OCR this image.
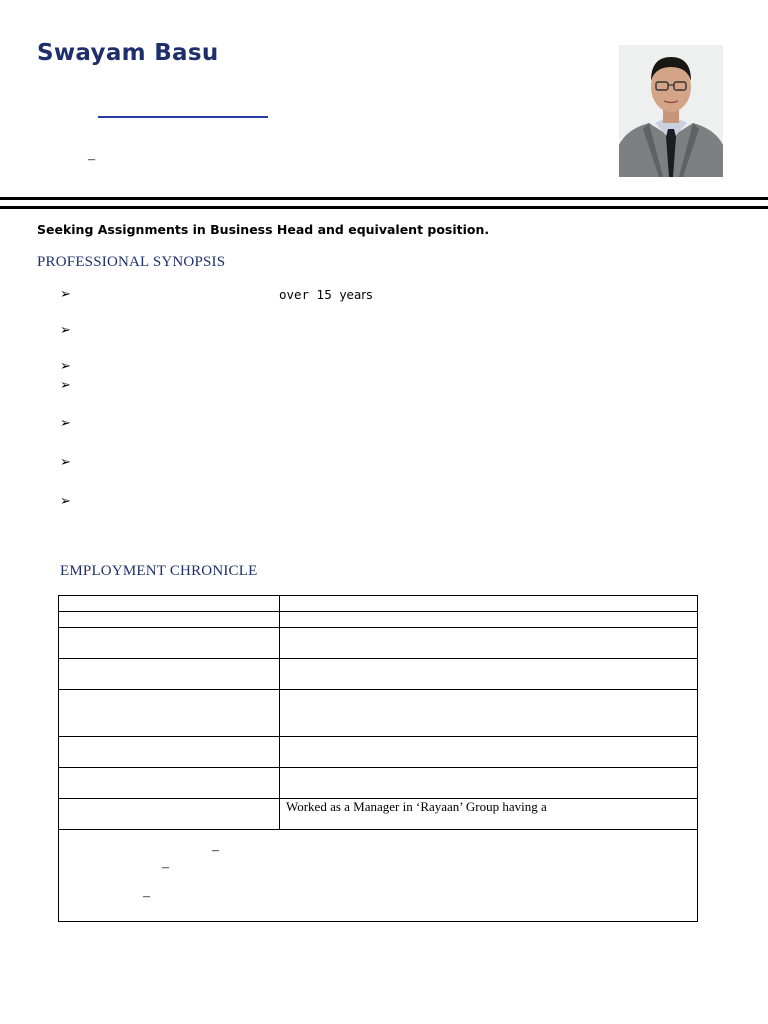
Swayam Basu
–
Seeking Assignments in Business Head and equivalent position.
PROFESSIONAL SYNOPSIS
➢	over 15 years
➢
➢
➢
➢
➢
➢
EMPLOYMENT CHRONICLE

	Worked as a Manager in ‘Rayaan’ Group having a

–
–
–
